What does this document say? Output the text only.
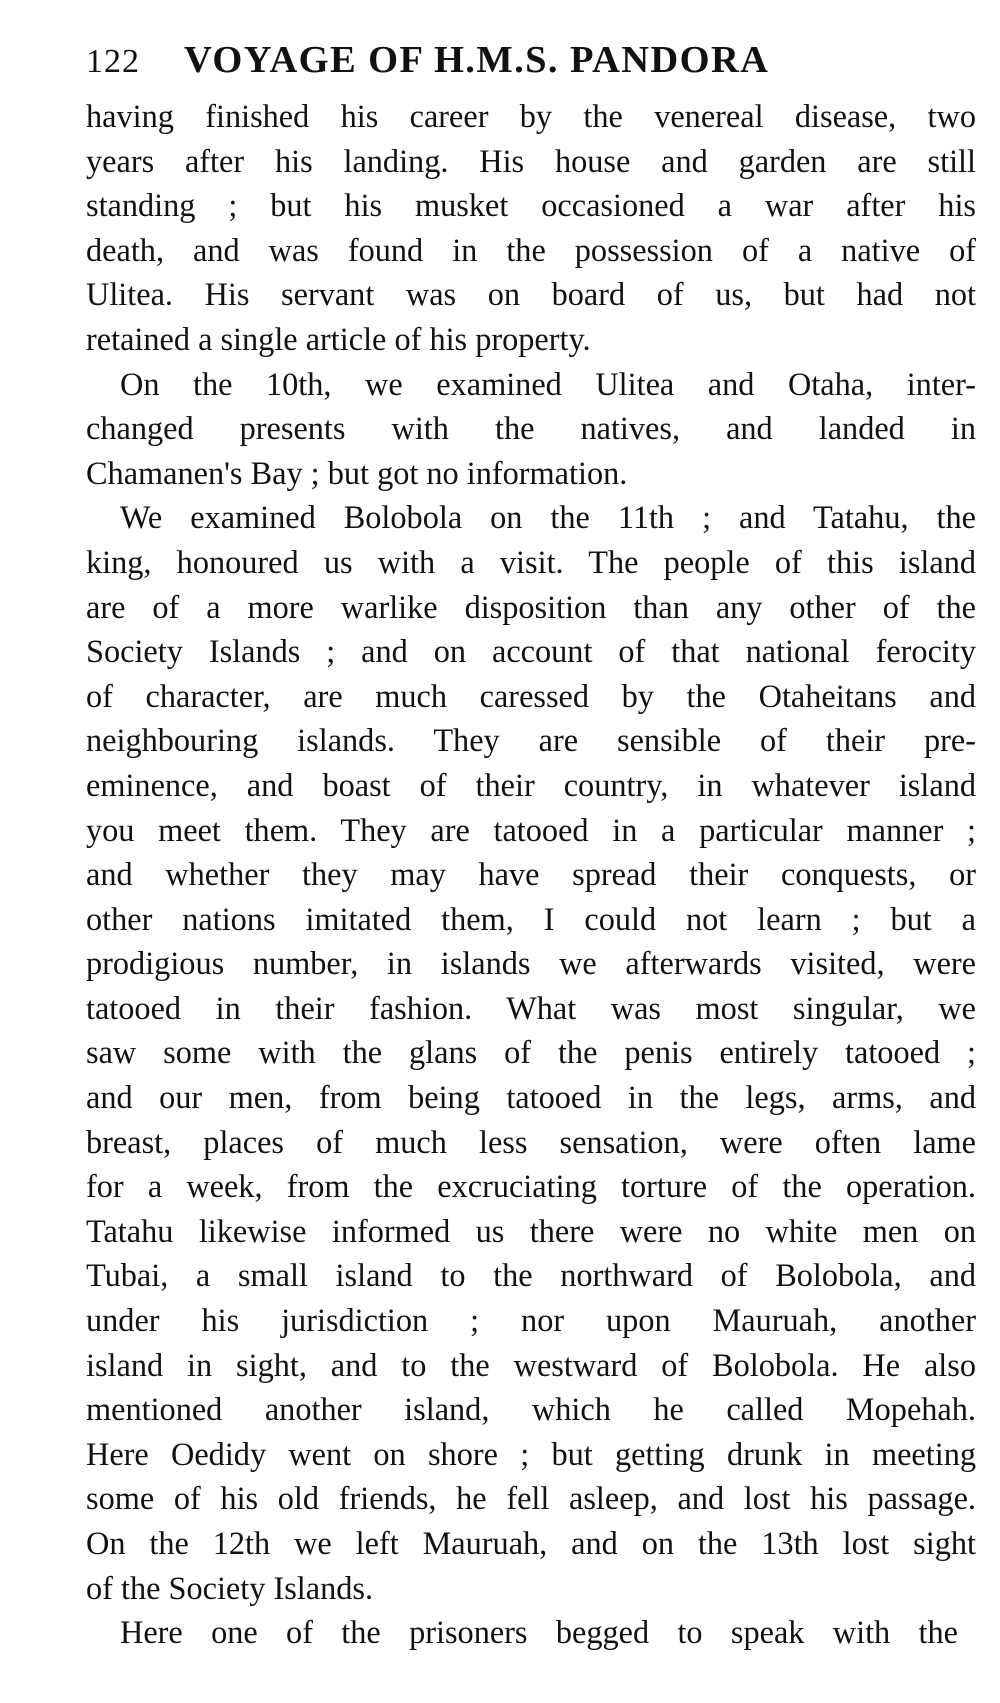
122	VOYAGE OF H.M.S. PANDORA
having finished his career by the venereal disease, two
years after his landing. His house and garden are still
standing ; but his musket occasioned a war after his
death, and was found in the possession of a native of
Ulitea. His servant was on board of us, but had not
retained a single article of his property.
On the 10th, we examined Ulitea and Otaha, inter-
changed presents with the natives, and landed in
Chamanen's Bay ; but got no information.
We examined Bolobola on the 11th ; and Tatahu, the
king, honoured us with a visit. The people of this island
are of a more warlike disposition than any other of the
Society Islands ; and on account of that national ferocity
of character, are much caressed by the Otaheitans and
neighbouring islands. They are sensible of their pre-
eminence, and boast of their country, in whatever island
you meet them. They are tatooed in a particular manner ;
and whether they may have spread their conquests, or
other nations imitated them, I could not learn ; but a
prodigious number, in islands we afterwards visited, were
tatooed in their fashion. What was most singular, we
saw some with the glans of the penis entirely tatooed ;
and our men, from being tatooed in the legs, arms, and
breast, places of much less sensation, were often lame
for a week, from the excruciating torture of the operation.
Tatahu likewise informed us there were no white men on
Tubai, a small island to the northward of Bolobola, and
under his jurisdiction ; nor upon Mauruah, another
island in sight, and to the westward of Bolobola. He also
mentioned another island, which he called Mopehah.
Here Oedidy went on shore ; but getting drunk in meeting
some of his old friends, he fell asleep, and lost his passage.
On the 12th we left Mauruah, and on the 13th lost sight
of the Society Islands.
Here one of the prisoners begged to speak with the
